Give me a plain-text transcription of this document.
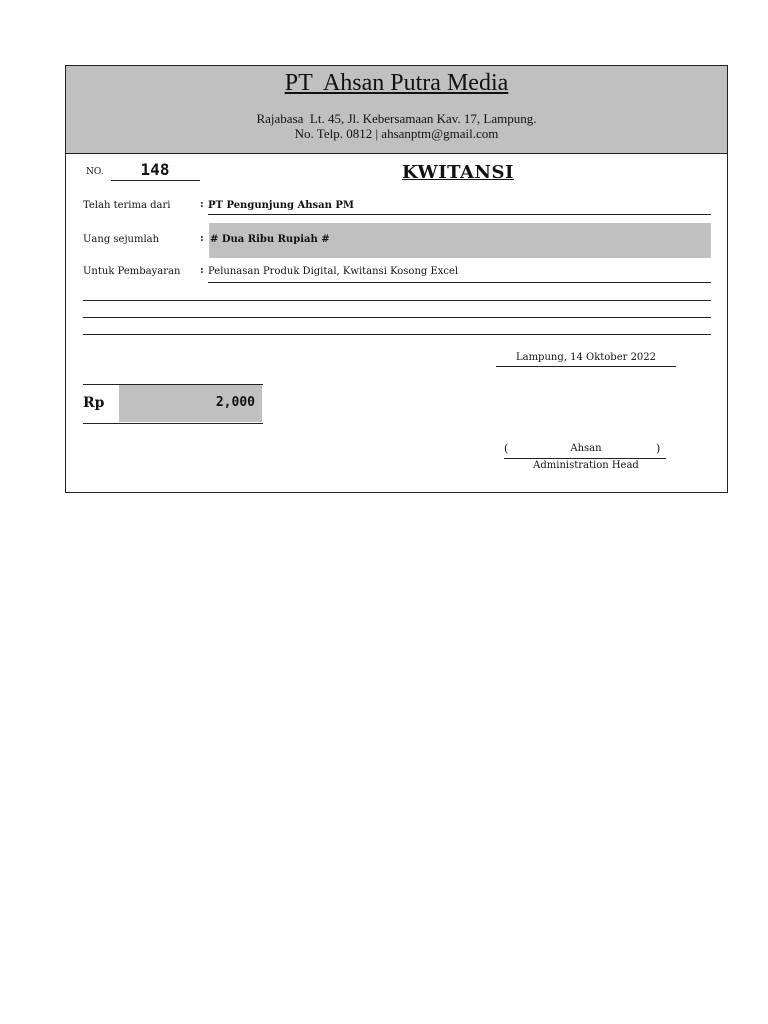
PT  Ahsan Putra Media
Rajabasa  Lt. 45, Jl. Kebersamaan Kav. 17, Lampung.
No. Telp. 0812 | ahsanptm@gmail.com
NO.	148	KWITANSI
Telah terima dari	: PT Pengunjung Ahsan PM
Uang sejumlah	: # Dua Ribu Rupiah #
Untuk Pembayaran : Pelunasan Produk Digital, Kwitansi Kosong Excel
Lampung, 14 Oktober 2022
Rp	2,000
(	Ahsan	)
Administration Head
